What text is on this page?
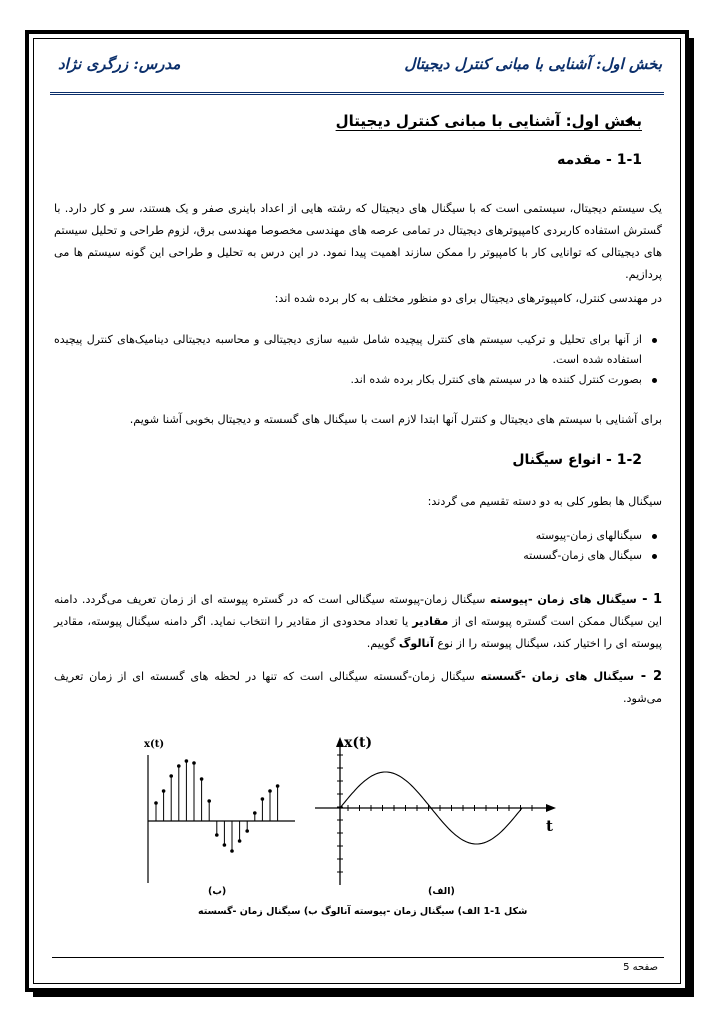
بخش اول: آشنایی با مبانی کنترل دیجیتال
مدرس: زرگری نژاد
بخش اول: آشنایی با مبانی کنترل دیجیتال
1-1 - مقدمه
یک سیستم دیجیتال، سیستمی است که با سیگنال های دیجیتال که رشته هایی از اعداد باینری صفر و یک هستند، سر و کار دارد. با گسترش استفاده کاربردی کامپیوترهای دیجیتال در تمامی عرصه های مهندسی مخصوصا مهندسی برق، لزوم طراحی و تحلیل سیستم های دیجیتالی که توانایی کار با کامپیوتر را ممکن سازند اهمیت پیدا نمود. در این درس به تحلیل و طراحی این گونه سیستم ها می پردازیم.
در مهندسی کنترل، کامپیوترهای دیجیتال برای دو منظور مختلف به کار برده شده اند:
از آنها برای تحلیل و ترکیب سیستم های کنترل پیچیده شامل شبیه سازی دیجیتالی و محاسبه دیجیتالی دینامیک‌های کنترل پیچیده استفاده شده است.
بصورت کنترل کننده ها در سیستم های کنترل بکار برده شده اند.
برای آشنایی با سیستم های دیجیتال و کنترل آنها ابتدا لازم است با سیگنال های گسسته و دیجیتال بخوبی آشنا شویم.
1-2 - انواع سیگنال
سیگنال ها بطور کلی به دو دسته تقسیم می گردند:
سیگنالهای زمان-پیوسته
سیگنال های زمان-گسسته
1 - سیگنال های زمان -پیوسته سیگنال زمان-پیوسته سیگنالی است که در گستره پیوسته ای از زمان تعریف می‌گردد. دامنه این سیگنال ممکن است گستره پیوسته ای از مقادیر یا تعداد محدودی از مقادیر را انتخاب نماید. اگر دامنه سیگنال پیوسته، مقادیر پیوسته ای را اختیار کند، سیگنال پیوسته را از نوع آنالوگ گوییم.
2 - سیگنال های زمان -گسسته سیگنال زمان-گسسته سیگنالی است که تنها در لحظه های گسسته ای از زمان تعریف می‌شود.
x(t)	x(t)
t
(ب)	(الف)
شکل 1-1 الف) سیگنال زمان -پیوسته آنالوگ ب) سیگنال زمان -گسسته
صفحه 5
